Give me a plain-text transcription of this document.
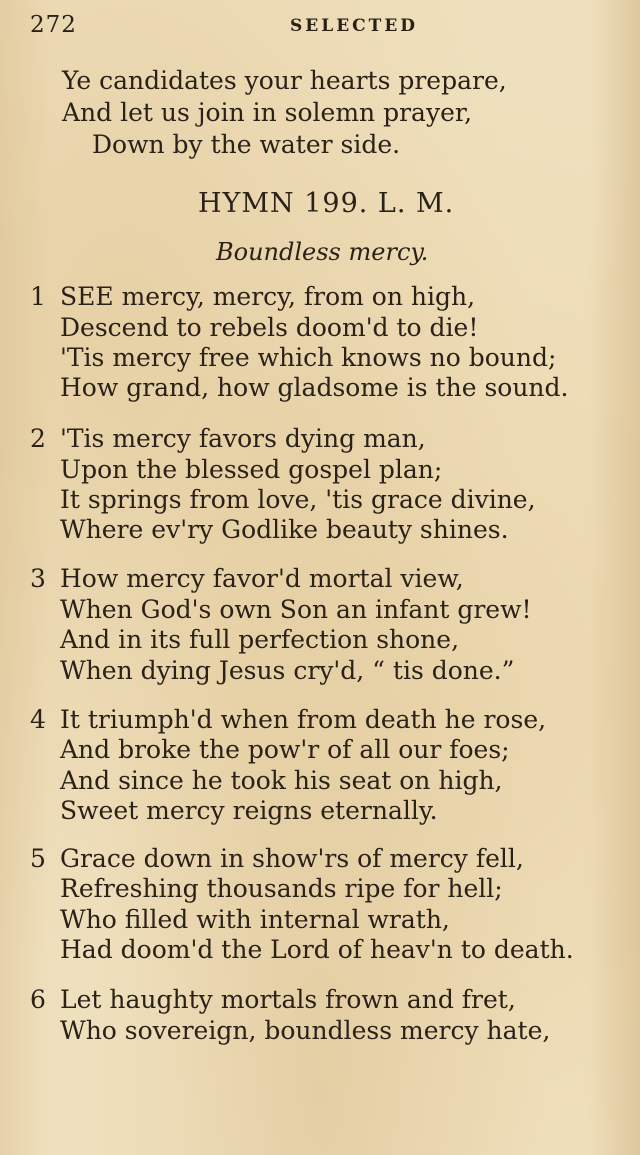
272	SELECTED
Ye candidates your hearts prepare,
And let us join in solemn prayer,
Down by the water side.
HYMN 199. L. M.
Boundless mercy.
1 SEE mercy, mercy, from on high,
Descend to rebels doom'd to die!
'Tis mercy free which knows no bound;
How grand, how gladsome is the sound.
2 'Tis mercy favors dying man,
Upon the blessed gospel plan;
It springs from love, 'tis grace divine,
Where ev'ry Godlike beauty shines.
3 How mercy favor'd mortal view,
When God's own Son an infant grew!
And in its full perfection shone,
When dying Jesus cry'd, “ tis done.”
4 It triumph'd when from death he rose,
And broke the pow'r of all our foes;
And since he took his seat on high,
Sweet mercy reigns eternally.
5 Grace down in show'rs of mercy fell,
Refreshing thousands ripe for hell;
Who filled with internal wrath,
Had doom'd the Lord of heav'n to death.
6 Let haughty mortals frown and fret,
Who sovereign, boundless mercy hate,
